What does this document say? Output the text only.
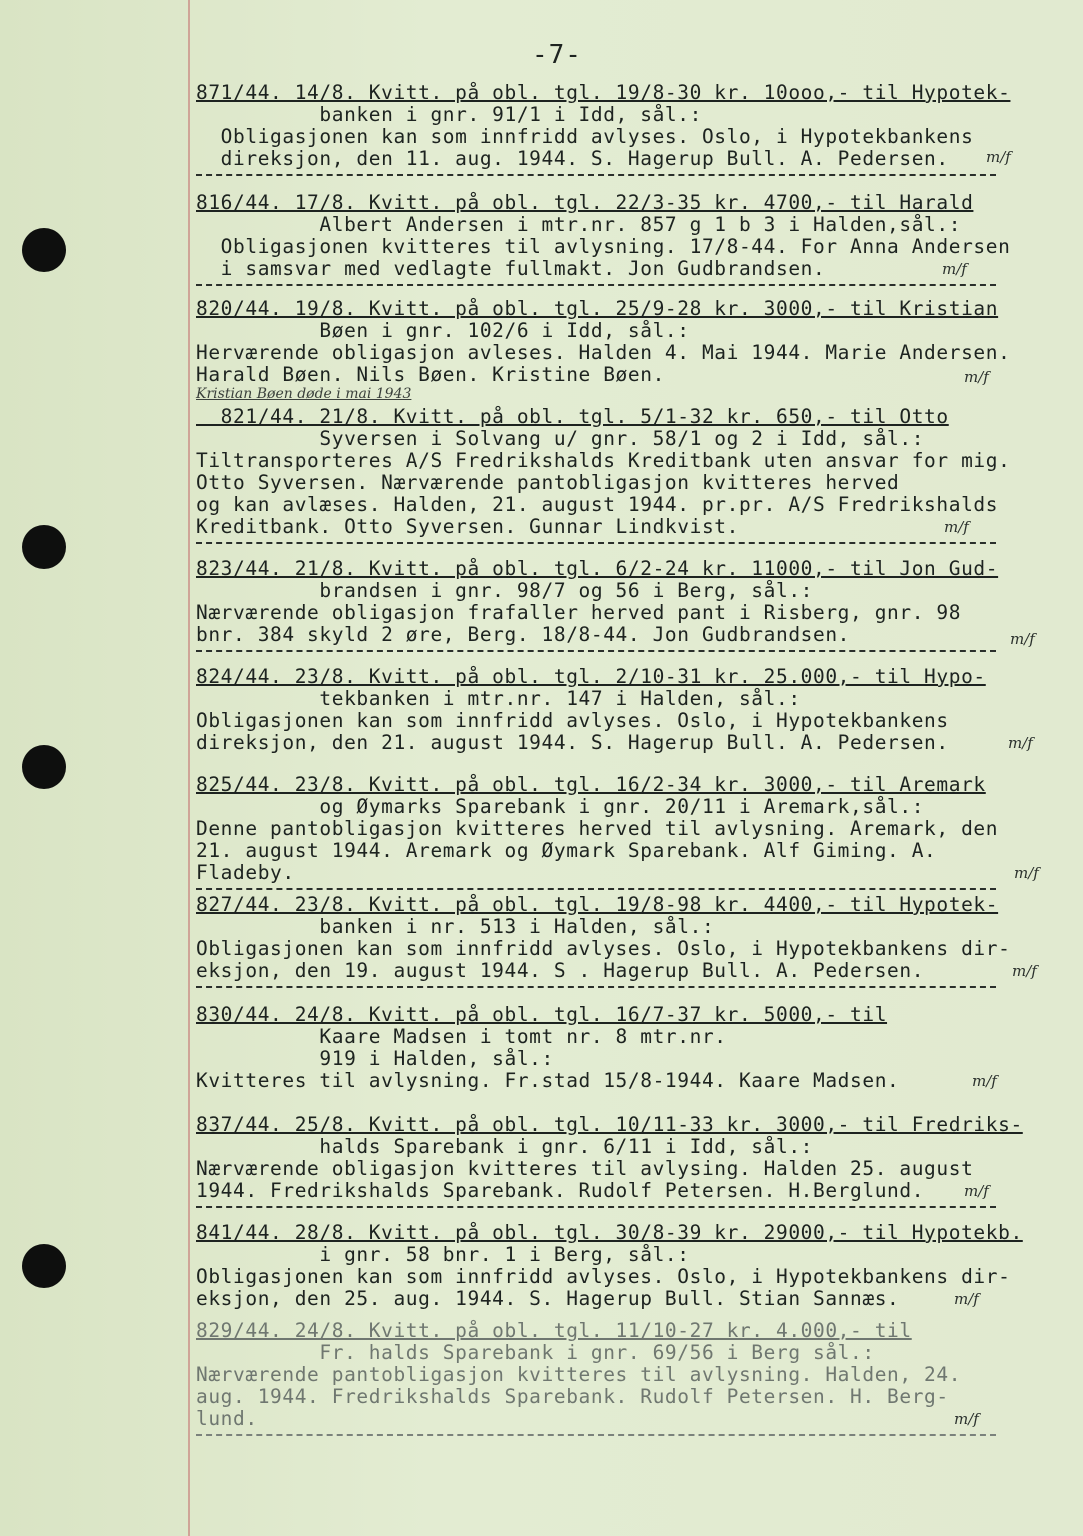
-7-
871/44. 14/8. Kvitt. på obl. tgl. 19/8-30 kr. 10ooo,- til Hypotek-
banken i gnr. 91/1 i Idd, sål.:
Obligasjonen kan som innfridd avlyses. Oslo, i Hypotekbankens
direksjon, den 11. aug. 1944. S. Hagerup Bull. A. Pedersen.	m/f
816/44. 17/8. Kvitt. på obl. tgl. 22/3-35 kr. 4700,- til Harald
Albert Andersen i mtr.nr. 857 g 1 b 3 i Halden,sål.:
Obligasjonen kvitteres til avlysning. 17/8-44. For Anna Andersen
i samsvar med vedlagte fullmakt. Jon Gudbrandsen.	m/f
820/44. 19/8. Kvitt. på obl. tgl. 25/9-28 kr. 3000,- til Kristian
Bøen i gnr. 102/6 i Idd, sål.:
Herværende obligasjon avleses. Halden 4. Mai 1944. Marie Andersen.
Harald Bøen. Nils Bøen. Kristine Bøen.
Kristian Bøen døde i mai 1943
m/f
821/44. 21/8. Kvitt. på obl. tgl. 5/1-32 kr. 650,- til Otto
Syversen i Solvang u/ gnr. 58/1 og 2 i Idd, sål.:
Tiltransporteres A/S Fredrikshalds Kreditbank uten ansvar for mig.
Otto Syversen. Nærværende pantobligasjon kvitteres herved
og kan avlæses. Halden, 21. august 1944. pr.pr. A/S Fredrikshalds
Kreditbank. Otto Syversen. Gunnar Lindkvist.	m/f
823/44. 21/8. Kvitt. på obl. tgl. 6/2-24 kr. 11000,- til Jon Gud-
brandsen i gnr. 98/7 og 56 i Berg, sål.:
Nærværende obligasjon frafaller herved pant i Risberg, gnr. 98
bnr. 384 skyld 2 øre, Berg. 18/8-44. Jon Gudbrandsen.	m/f
824/44. 23/8. Kvitt. på obl. tgl. 2/10-31 kr. 25.000,- til Hypo-
tekbanken i mtr.nr. 147 i Halden, sål.:
Obligasjonen kan som innfridd avlyses. Oslo, i Hypotekbankens
direksjon, den 21. august 1944. S. Hagerup Bull. A. Pedersen.	m/f
825/44. 23/8. Kvitt. på obl. tgl. 16/2-34 kr. 3000,- til Aremark
og Øymarks Sparebank i gnr. 20/11 i Aremark,sål.:
Denne pantobligasjon kvitteres herved til avlysning. Aremark, den
21. august 1944. Aremark og Øymark Sparebank. Alf Giming. A.
Fladeby.	m/f
827/44. 23/8. Kvitt. på obl. tgl. 19/8-98 kr. 4400,- til Hypotek-
banken i nr. 513 i Halden, sål.:
Obligasjonen kan som innfridd avlyses. Oslo, i Hypotekbankens dir-
eksjon, den 19. august 1944. S . Hagerup Bull. A. Pedersen.	m/f
830/44. 24/8. Kvitt. på obl. tgl. 16/7-37 kr. 5000,- til
Kaare Madsen i tomt nr. 8 mtr.nr.
919 i Halden, sål.:
Kvitteres til avlysning. Fr.stad 15/8-1944. Kaare Madsen.	m/f
837/44. 25/8. Kvitt. på obl. tgl. 10/11-33 kr. 3000,- til Fredriks-
halds Sparebank i gnr. 6/11 i Idd, sål.:
Nærværende obligasjon kvitteres til avlysing. Halden 25. august
1944. Fredrikshalds Sparebank. Rudolf Petersen. H.Berglund.	m/f
841/44. 28/8. Kvitt. på obl. tgl. 30/8-39 kr. 29000,- til Hypotekb.
i gnr. 58 bnr. 1 i Berg, sål.:
Obligasjonen kan som innfridd avlyses. Oslo, i Hypotekbankens dir-
eksjon, den 25. aug. 1944. S. Hagerup Bull. Stian Sannæs.	m/f
829/44. 24/8. Kvitt. på obl. tgl. 11/10-27 kr. 4.000,- til
Fr. halds Sparebank i gnr. 69/56 i Berg sål.:
Nærværende pantobligasjon kvitteres til avlysning. Halden, 24.
aug. 1944. Fredrikshalds Sparebank. Rudolf Petersen. H. Berg-
lund.	m/f
